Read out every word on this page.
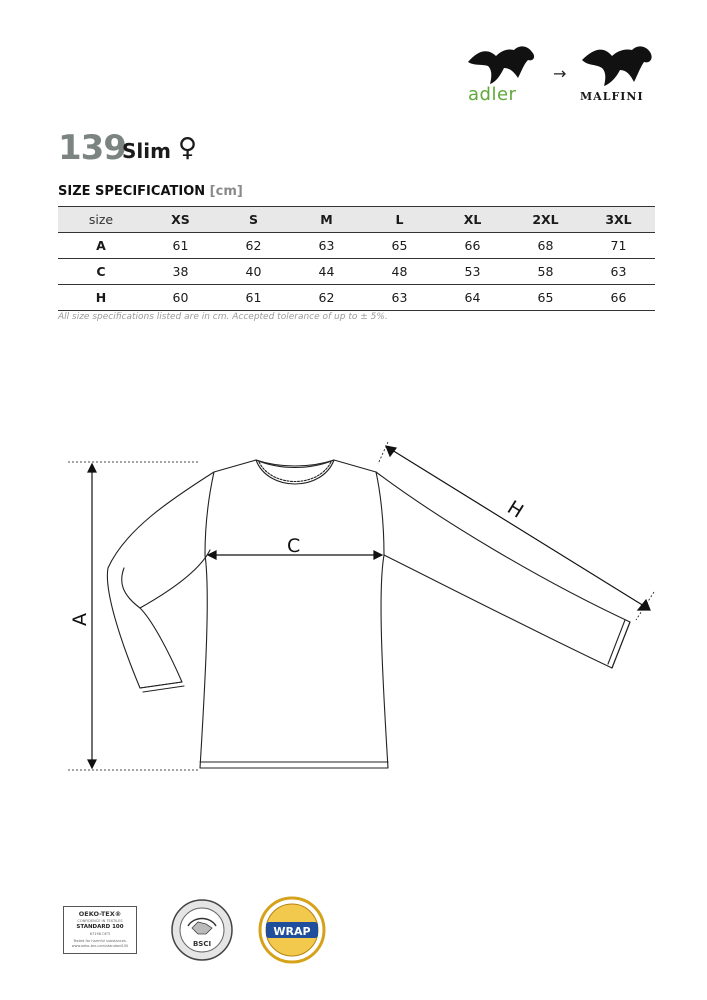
adler
→
MALFINI
139
Slim ♀
SIZE SPECIFICATION [cm]
size	XS	S	M	L	XL	2XL	3XL
A	61	62	63	65	66	68	71
C	38	40	44	48	53	58	63
H	60	61	62	63	64	65	66
All size specifications listed are in cm. Accepted tolerance of up to ± 5%.
A
C
H
OEKO-TEX®
CONFIDENCE IN TEXTILES
STANDARD 100
67198 OETI
Tested for harmful substances. www.oeko-tex.com/standard100	BSCI
WRAP
